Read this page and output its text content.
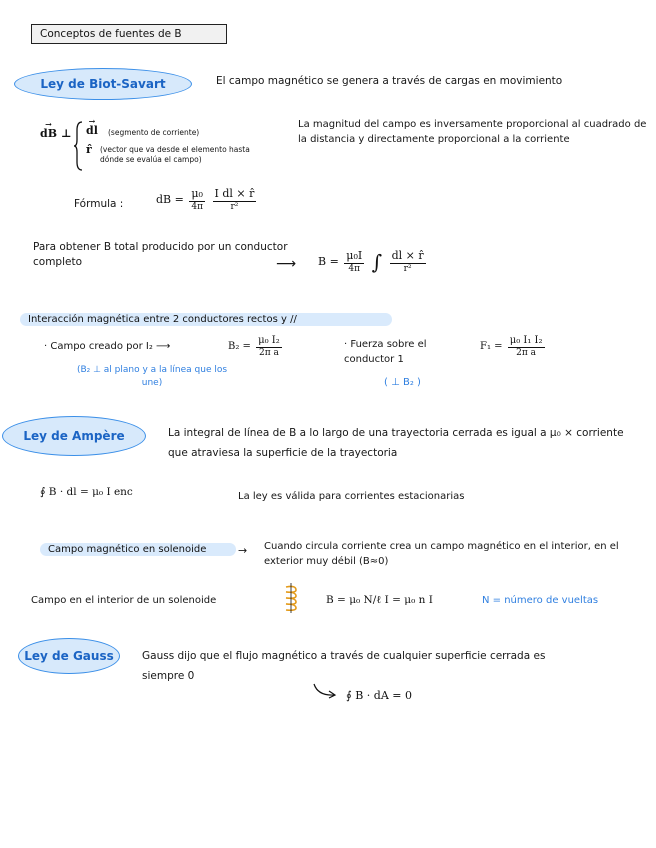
Conceptos de fuentes de B
Ley de Biot-Savart	El campo magnético se genera a través de cargas en movimiento
→ dB ⊥
→ dl (segmento de corriente)
r̂ (vector que va desde el elemento hasta dónde se evalúa el campo)
La magnitud del campo es inversamente proporcional al cuadrado de la distancia y directamente proporcional a la corriente
Fórmula :	dB = $\frac{\text{μ₀}}{4\pi}$
$\frac{\text{I dl × r̂}}{\text{r²}}$
Para obtener B total producido por un conductor completo	⟶ $B = \frac{\text{μ₀I}}{4\pi}$ ∫ $\frac{dl \times r̂}{\text{r²}}$
Interacción magnética entre 2 conductores rectos y //
· Campo creado por I₂ ⟶	$B_2 = \frac{\text{μ₀ I₂}}{\text{2π a}}$
(B₂ ⊥ al plano y a la línea que los une)
· Fuerza sobre el conductor 1
$F_1 = \frac{\text{μ₀ I₁ I₂}}{\text{2π a}}$
( ⊥ B₂ )
Ley de Ampère	La integral de línea de B a lo largo de una trayectoria cerrada es igual a μ₀ × corriente que atraviesa la superficie de la trayectoria
∮ B · dl = μ₀ I enc	La ley es válida para corrientes estacionarias
Campo magnético en solenoide	→ Cuando circula corriente crea un campo magnético en el interior, en el exterior muy débil (B≈0)
Campo en el interior de un solenoide	B = μ₀ N/ℓ I = μ₀ n I	N = número de vueltas
Ley de Gauss	Gauss dijo que el flujo magnético a través de cualquier superficie cerrada es siempre 0
∮ B · dA = 0
